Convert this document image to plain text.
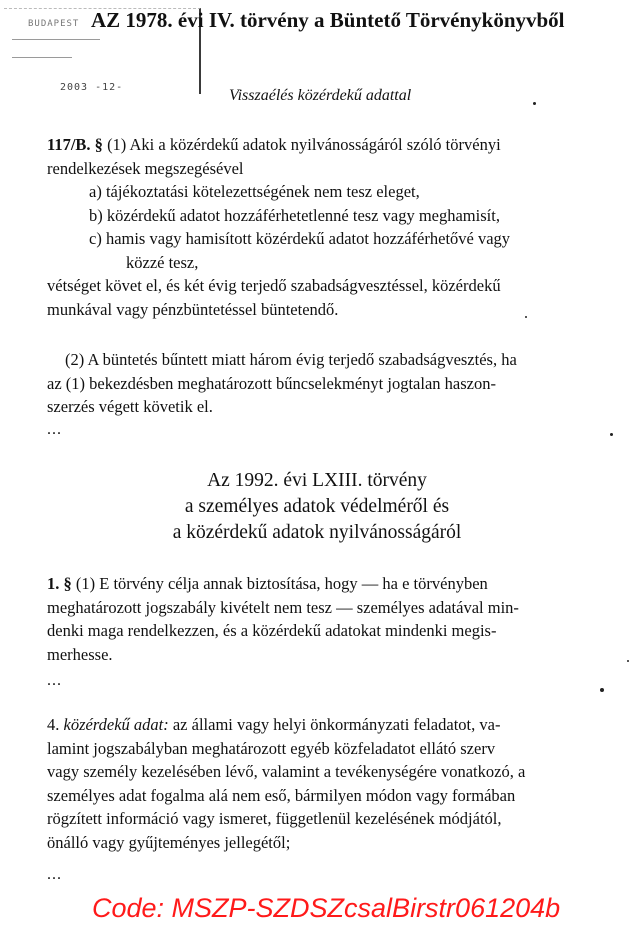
BUDAPEST
2003 -12-
AZ 1978. évi IV. törvény a Büntető Törvénykönyvből
Visszaélés közérdekű adattal
117/B. § (1) Aki a közérdekű adatok nyilvánosságáról szóló törvényi
rendelkezések megszegésével
a) tájékoztatási kötelezettségének nem tesz eleget,
b) közérdekű adatot hozzáférhetetlenné tesz vagy meghamisít,
c) hamis vagy hamisított közérdekű adatot hozzáférhetővé vagy
közzé tesz,
vétséget követ el, és két évig terjedő szabadságvesztéssel, közérdekű
munkával vagy pénzbüntetéssel büntetendő.
(2) A büntetés bűntett miatt három évig terjedő szabadságvesztés, ha
az (1) bekezdésben meghatározott bűncselekményt jogtalan haszon-
szerzés végett követik el.
...
Az 1992. évi LXIII. törvény
a személyes adatok védelméről és
a közérdekű adatok nyilvánosságáról
1. § (1) E törvény célja annak biztosítása, hogy — ha e törvényben
meghatározott jogszabály kivételt nem tesz — személyes adatával min-
denki maga rendelkezzen, és a közérdekű adatokat mindenki megis-
merhesse.
...
4. közérdekű adat: az állami vagy helyi önkormányzati feladatot, va-
lamint jogszabályban meghatározott egyéb közfeladatot ellátó szerv
vagy személy kezelésében lévő, valamint a tevékenységére vonatkozó, a
személyes adat fogalma alá nem eső, bármilyen módon vagy formában
rögzített információ vagy ismeret, függetlenül kezelésének módjától,
önálló vagy gyűjteményes jellegétől;
...
Code: MSZP-SZDSZcsalBirstr061204b
